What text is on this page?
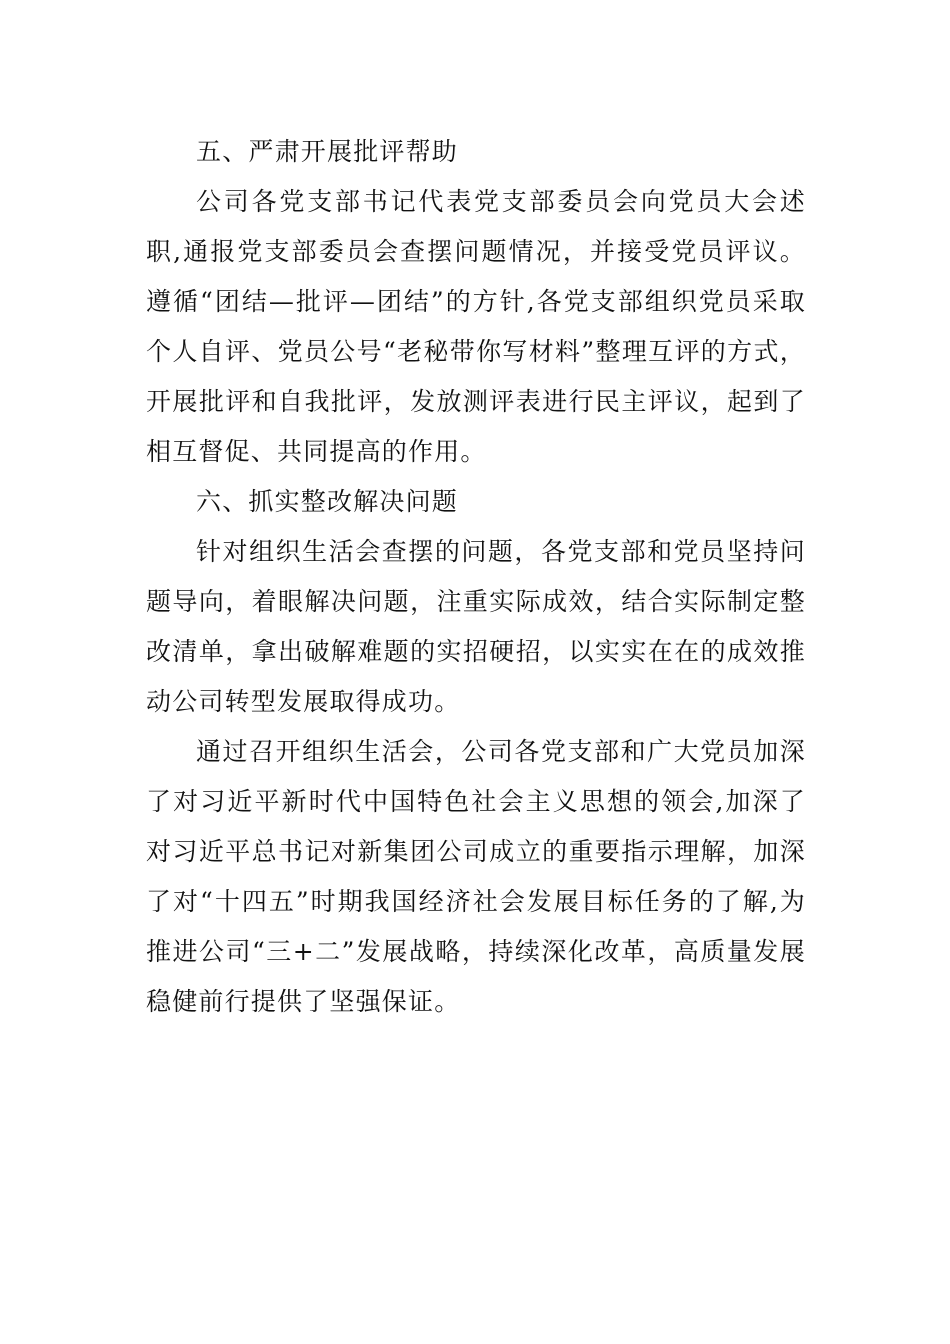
五、严肃开展批评帮助

公司各党支部书记代表党支部委员会向党员大会述职,通报党支部委员会查摆问题情况，并接受党员评议。遵循“团结—批评—团结”的方针,各党支部组织党员采取个人自评、党员公号“老秘带你写材料”整理互评的方式，开展批评和自我批评，发放测评表进行民主评议，起到了相互督促、共同提高的作用。

六、抓实整改解决问题

针对组织生活会查摆的问题，各党支部和党员坚持问题导向，着眼解决问题，注重实际成效，结合实际制定整改清单，拿出破解难题的实招硬招，以实实在在的成效推动公司转型发展取得成功。

通过召开组织生活会，公司各党支部和广大党员加深了对习近平新时代中国特色社会主义思想的领会,加深了对习近平总书记对新集团公司成立的重要指示理解，加深了对“十四五”时期我国经济社会发展目标任务的了解,为推进公司“三+二”发展战略，持续深化改革，高质量发展稳健前行提供了坚强保证。
